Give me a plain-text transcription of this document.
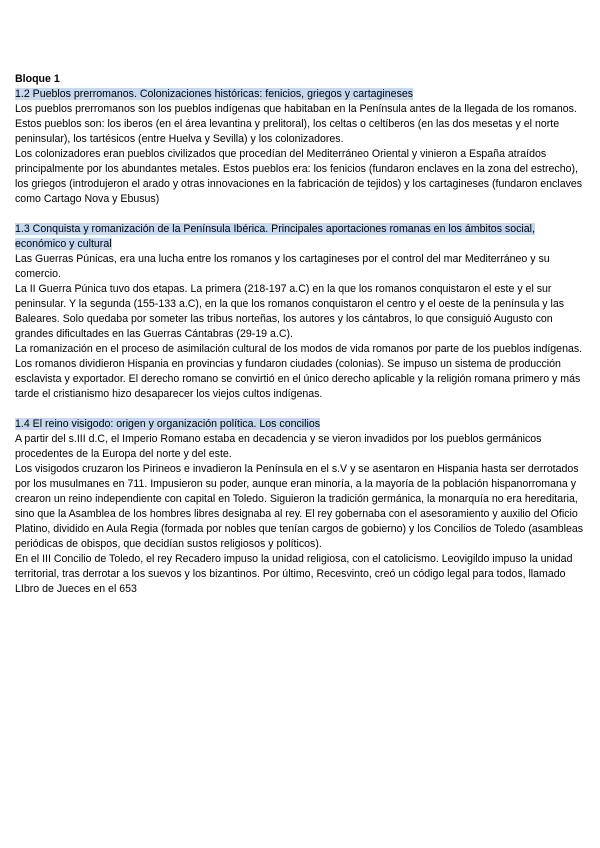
Bloque 1

1.2 Pueblos prerromanos. Colonizaciones históricas: fenicios, griegos y cartagineses

Los pueblos prerromanos son los pueblos indígenas que habitaban en la Península antes de la llegada de los romanos. Estos pueblos son: los iberos (en el área levantina y prelitoral), los celtas o celtíberos (en las dos mesetas y el norte peninsular), los tartésicos (entre Huelva y Sevilla) y los colonizadores.

Los colonizadores eran pueblos civilizados que procedían del Mediterráneo Oriental y vinieron a España atraídos principalmente por los abundantes metales. Estos pueblos era: los fenicios (fundaron enclaves en la zona del estrecho), los griegos (introdujeron el arado y otras innovaciones en la fabricación de tejidos) y los cartagineses (fundaron enclaves como Cartago Nova y Ebusus)

1.3 Conquista y romanización de la Península Ibérica. Principales aportaciones romanas en los ámbitos social, económico y cultural

Las Guerras Púnicas, era una lucha entre los romanos y los cartagineses por el control del mar Mediterráneo y su comercio.

La II Guerra Púnica tuvo dos etapas. La primera (218-197 a.C) en la que los romanos conquistaron el este y el sur peninsular. Y la segunda (155-133 a.C), en la que los romanos conquistaron el centro y el oeste de la península y las Baleares. Solo quedaba por someter las tribus norteñas, los autores y los cántabros, lo que consiguió Augusto con grandes dificultades en las Guerras Cántabras (29-19 a.C).

La romanización en el proceso de asimilación cultural de los modos de vida romanos por parte de los pueblos indígenas. Los romanos dividieron Hispania en provincias y fundaron ciudades (colonias). Se impuso un sistema de producción esclavista y exportador. El derecho romano se convirtió en el único derecho aplicable y la religión romana primero y más tarde el cristianismo hizo desaparecer los viejos cultos indígenas.

1.4 El reino visigodo: origen y organización política. Los concilios

A partir del s.III d.C, el Imperio Romano estaba en decadencia y se vieron invadidos por los pueblos germánicos procedentes de la Europa del norte y del este.

Los visigodos cruzaron los Pirineos e invadieron la Península en el s.V y se asentaron en Hispania hasta ser derrotados por los musulmanes en 711. Impusieron su poder, aunque eran minoría, a la mayoría de la población hispanorromana y crearon un reino independiente con capital en Toledo. Siguieron la tradición germánica, la monarquía no era hereditaria, sino que la Asamblea de los hombres libres designaba al rey. El rey gobernaba con el asesoramiento y auxilio del Oficio Platino, dividido en Aula Regia (formada por nobles que tenían cargos de gobierno) y los Concilios de Toledo (asambleas periódicas de obispos, que decidían sustos religiosos y políticos).

En el III Concilio de Toledo, el rey Recadero impuso la unidad religiosa, con el catolicismo. Leovigildo impuso la unidad territorial, tras derrotar a los suevos y los bizantinos. Por último, Recesvinto, creó un código legal para todos, llamado LIbro de Jueces en el 653
